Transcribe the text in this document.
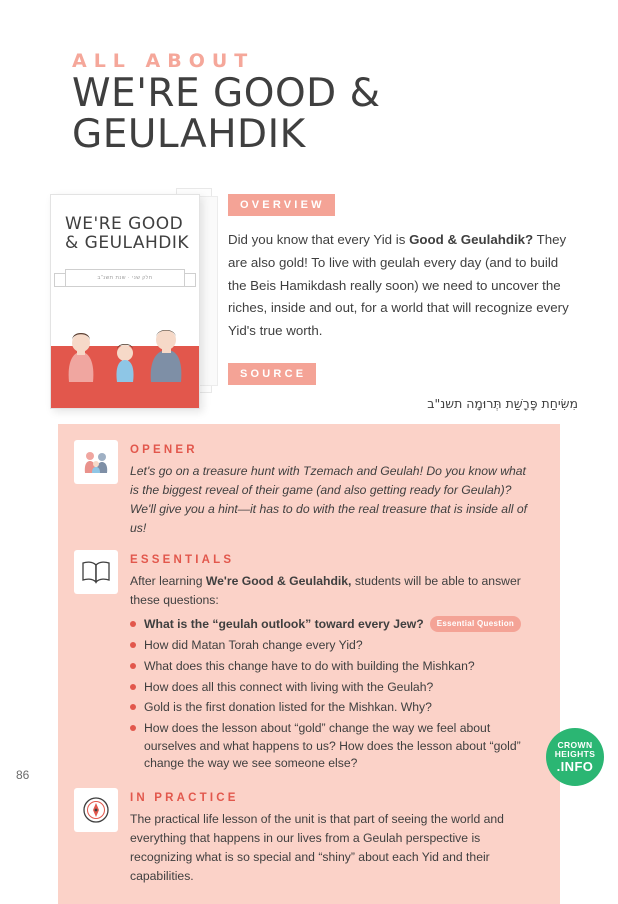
ALL ABOUT
WE'RE GOOD & GEULAHDIK
WE'RE GOOD & GEULAHDIK
חלק שני · שנת תשנ"ב
OVERVIEW

Did you know that every Yid is Good & Geulahdik? They are also gold! To live with geulah every day (and to build the Beis Hamikdash really soon) we need to uncover the riches, inside and out, for a world that will recognize every Yid's true worth.

SOURCE
מִשִּׂיחַת פָּרָשַׁת תְּרוּמָה תשנ"ב
OPENER
Let's go on a treasure hunt with Tzemach and Geulah! Do you know what is the biggest reveal of their game (and also getting ready for Geulah)? We'll give you a hint—it has to do with the real treasure that is inside all of us!
ESSENTIALS
After learning We're Good & Geulahdik, students will be able to answer these questions:
What is the “geulah outlook” toward every Jew? Essential Question
How did Matan Torah change every Yid?
What does this change have to do with building the Mishkan?
How does all this connect with living with the Geulah?
Gold is the first donation listed for the Mishkan. Why?
How does the lesson about “gold” change the way we feel about ourselves and what happens to us? How does the lesson about “gold” change the way we see someone else?
IN PRACTICE
The practical life lesson of the unit is that part of seeing the world and everything that happens in our lives from a Geulah perspective is recognizing what is so special and “shiny” about each Yid and their capabilities.
86
CROWN
HEIGHTS
.INFO
